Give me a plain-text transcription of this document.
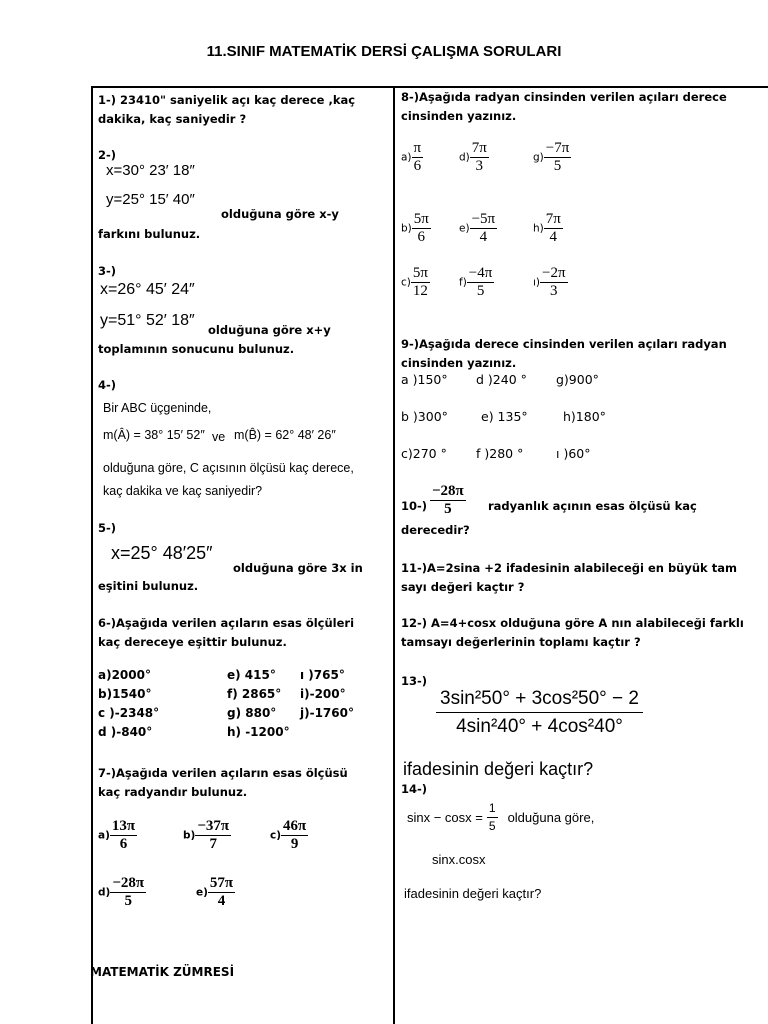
11.SINIF MATEMATİK DERSİ ÇALIŞMA SORULARI
1-) 23410" saniyelik açı kaç derece ,kaç dakika, kaç saniyedir ?
2-)
x=30° 23′ 18″
y=25° 15′ 40″
olduğuna göre x-y
farkını bulunuz.
3-)
x=26° 45′ 24″
y=51° 52′ 18″
olduğuna göre x+y
toplamının sonucunu bulunuz.
4-)
Bir ABC üçgeninde,
m(Â) = 38° 15′ 52″ ve m(B̂) = 62° 48′ 26″
olduğuna göre, C açısının ölçüsü kaç derece,
kaç dakika ve kaç saniyedir?
5-)
x=25° 48′25″
olduğuna göre 3x in
eşitini bulunuz.
6-)Aşağıda verilen açıların esas ölçüleri kaç dereceye eşittir bulunuz.
a)2000°	e) 415° ı )765°
b)1540°	f) 2865° i)-200°
c )-2348°	g) 880° j)-1760°
d )-840°	h) -1200°
7-)Aşağıda verilen açıların esas ölçüsü kaç radyandır bulunuz.
$a) \frac{13\pi}{6}$	$b) \frac{-37\pi}{7}$	$c) \frac{46\pi}{9}$
$d) \frac{-28\pi}{5}$	$e) \frac{57\pi}{4}$
MATEMATİK ZÜMRESİ
8-)Aşağıda radyan cinsinden verilen açıları derece cinsinden yazınız.
$a) \frac{\pi}{6}$	$d) \frac{7\pi}{3}$	$g) \frac{-7\pi}{5}$
$b) \frac{5\pi}{6}$	$e) \frac{-5\pi}{4}$	$h) \frac{7\pi}{4}$
$c) \frac{5\pi}{12}$	$f) \frac{-4\pi}{5}$	ı) $\frac{-2\pi}{3}$
9-)Aşağıda derece cinsinden verilen açıları radyan cinsinden yazınız.
a )150° d )240 ° g)900°
b )300°	e) 135°	h)180°
c)270 ° f )280 °	ı )60°
$10-) \frac{-28\pi}{5}$ radyanlık açının esas ölçüsü kaç
derecedir?
11-)A=2sina +2 ifadesinin alabileceği en büyük tam sayı değeri kaçtır ?
12-) A=4+cosx olduğuna göre A nın alabileceği farklı tamsayı değerlerinin toplamı kaçtır ?
13-)
$\frac{\text{3sin²50° + 3cos²50° − 2}}{\text{4sin²40° + 4cos²40°}}$
ifadesinin değeri kaçtır?
14-)
$\sin x - \cos x = \frac{1}{5}$ olduğuna göre,
sinx.cosx
ifadesinin değeri kaçtır?
